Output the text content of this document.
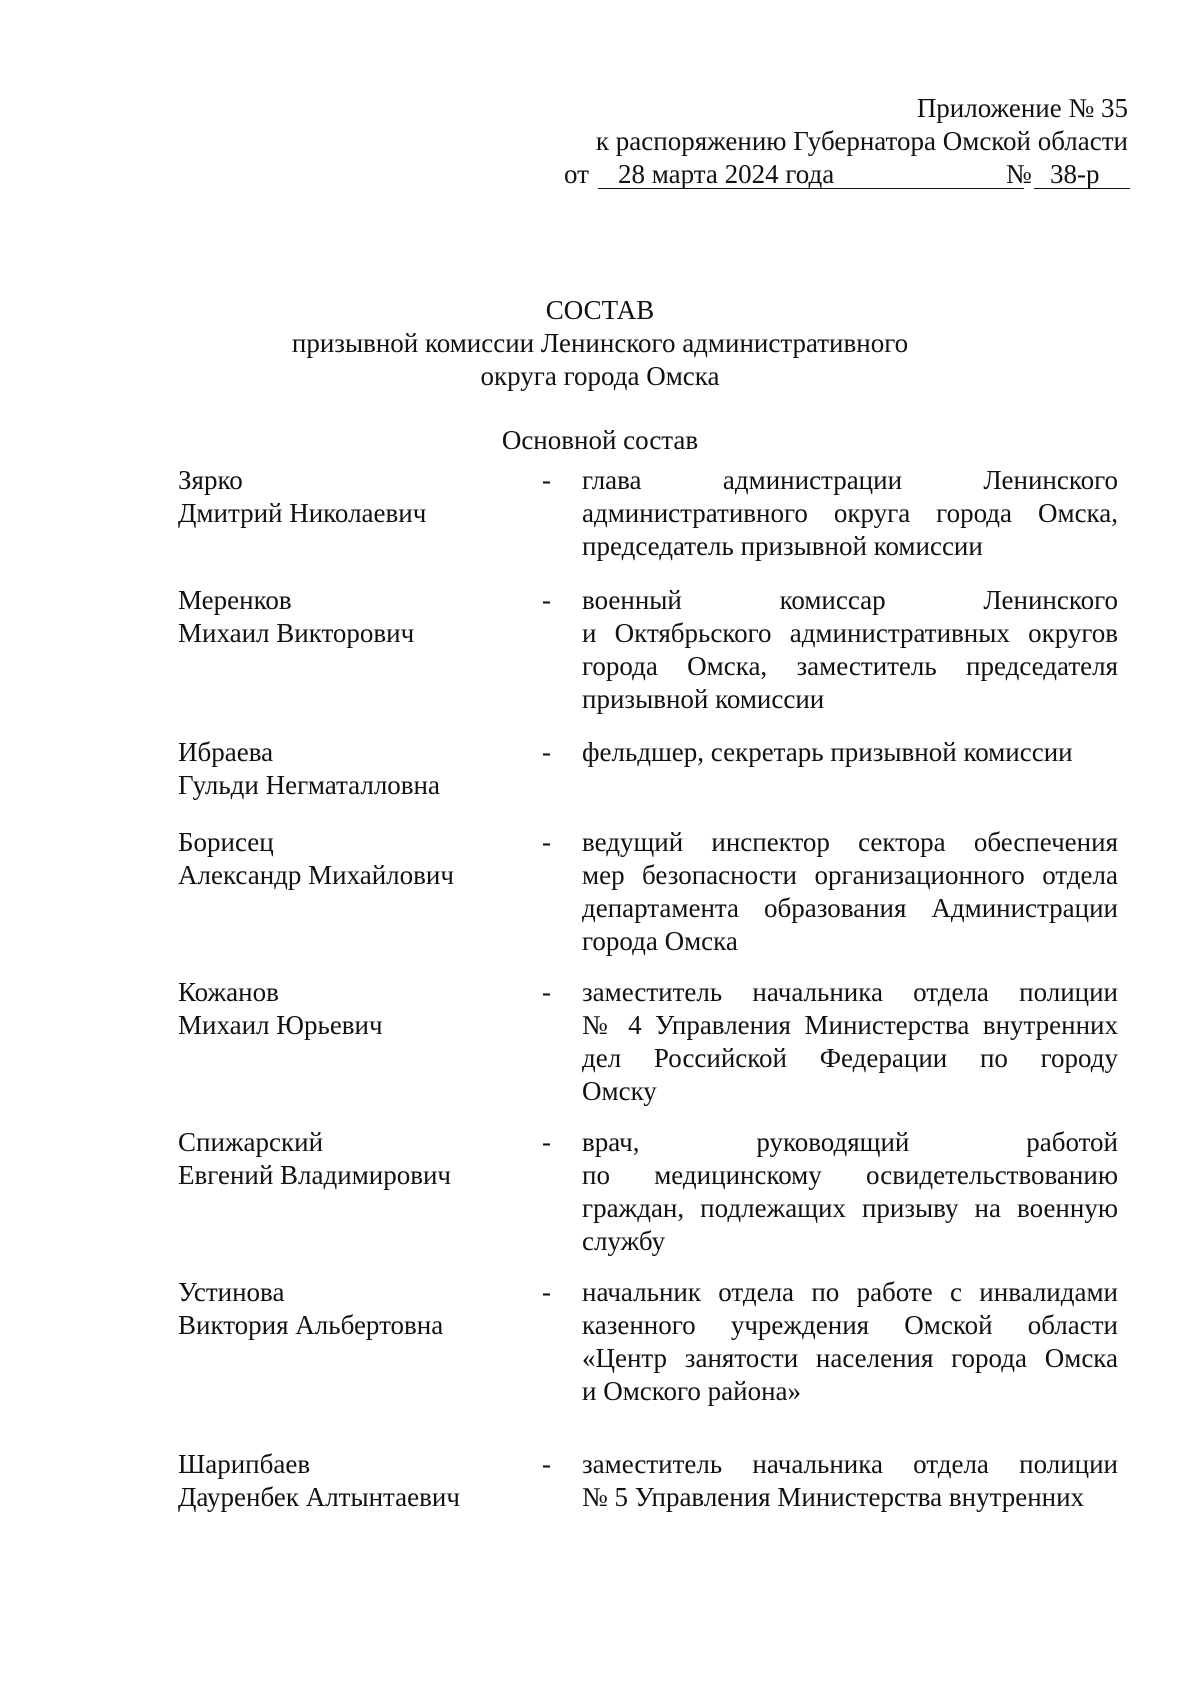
Приложение № 35
к распоряжению Губернатора Омской области
от 28 марта 2024 года	№ 38-р
СОСТАВ
призывной комиссии Ленинского административного
округа города Омска
Основной состав
Зярко
Дмитрий Николаевич
- глава администрации Ленинского
административного округа города Омска,
председатель призывной комиссии
Меренков
Михаил Викторович
- военный комиссар Ленинского
и Октябрьского административных округов
города Омска, заместитель председателя
призывной комиссии
Ибраева
Гульди Негматалловна
- фельдшер, секретарь призывной комиссии
Борисец
Александр Михайлович
- ведущий инспектор сектора обеспечения
мер безопасности организационного отдела
департамента образования Администрации
города Омска
Кожанов
Михаил Юрьевич
- заместитель начальника отдела полиции
№ 4 Управления Министерства внутренних
дел Российской Федерации по городу
Омску
Спижарский
Евгений Владимирович
- врач, руководящий работой
по медицинскому освидетельствованию
граждан, подлежащих призыву на военную
службу
Устинова
Виктория Альбертовна
- начальник отдела по работе с инвалидами
казенного учреждения Омской области
«Центр занятости населения города Омска
и Омского района»
Шарипбаев
Дауренбек Алтынтаевич
- заместитель начальника отдела полиции
№ 5 Управления Министерства внутренних
